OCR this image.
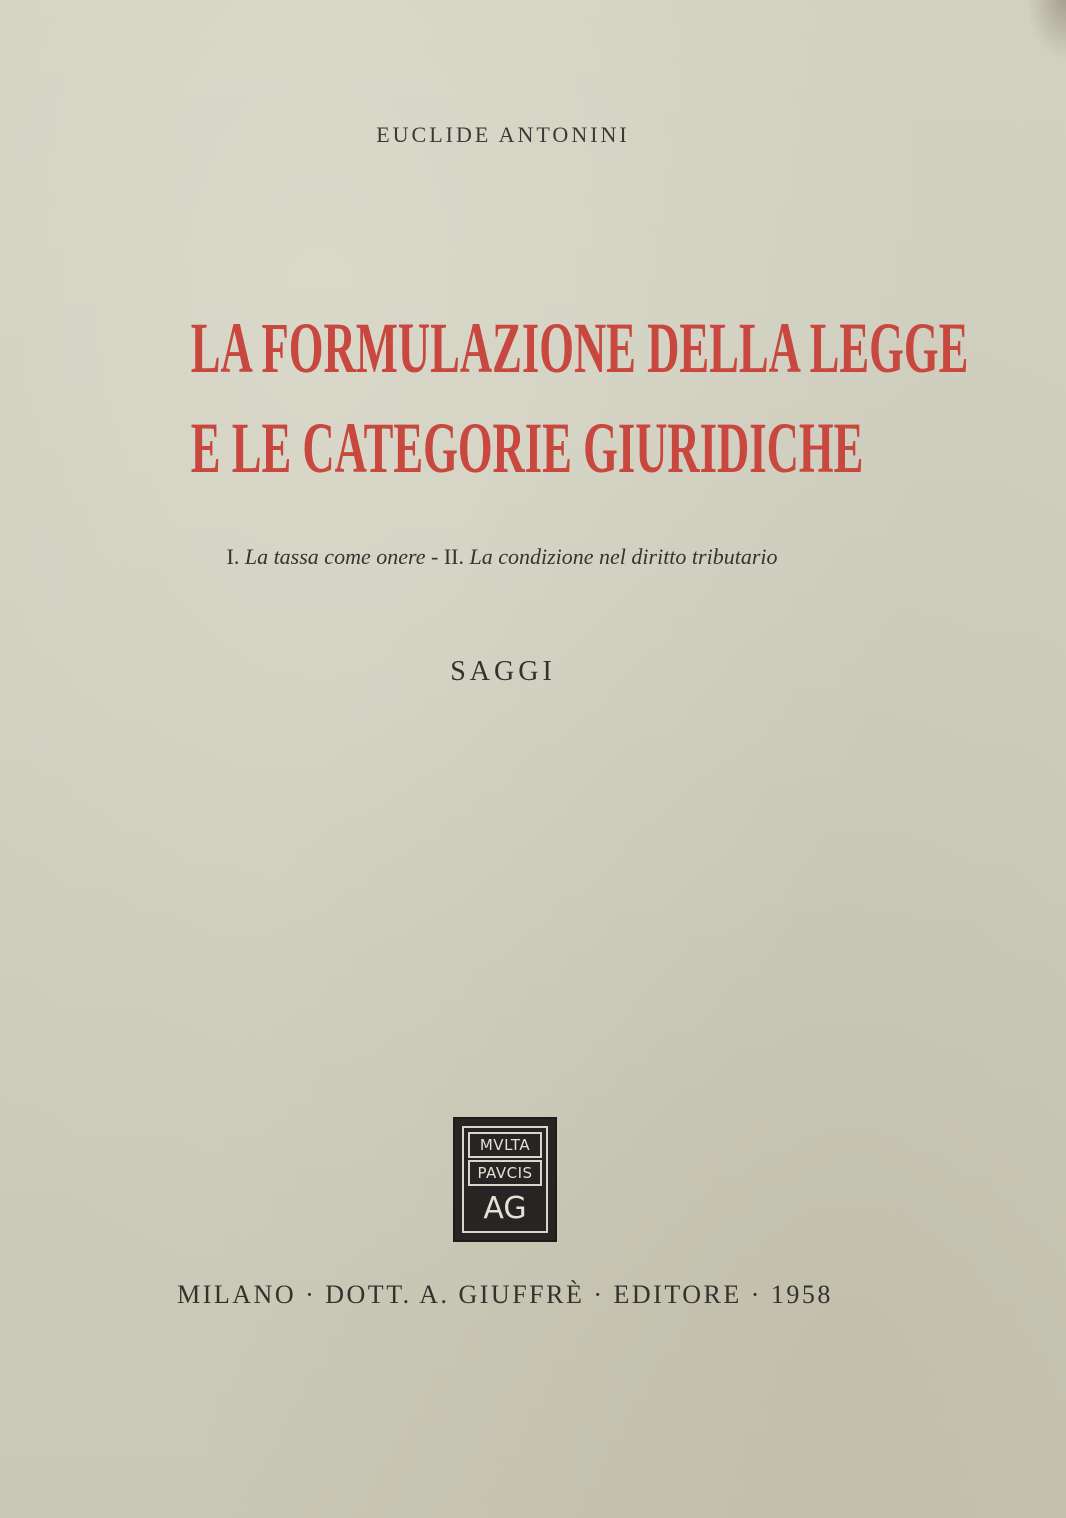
EUCLIDE ANTONINI
LA FORMULAZIONE DELLA LEGGE
E LE CATEGORIE GIURIDICHE
I. La tassa come onere - II. La condizione nel diritto tributario
SAGGI
MVLTA
PAVCIS
AG
MILANO · DOTT. A. GIUFFRÈ · EDITORE · 1958
